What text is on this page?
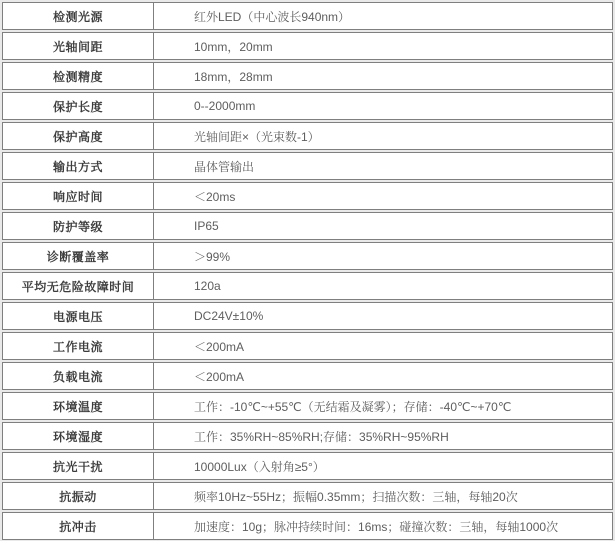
检测光源	红外LED（中心波长940nm）
光轴间距	10mm，20mm
检测精度	18mm，28mm
保护长度	0--2000mm
保护高度	光轴间距×（光束数-1）
输出方式	晶体管输出
响应时间	＜20ms
防护等级	IP65
诊断覆盖率	＞99%
平均无危险故障时间	120a
电源电压	DC24V±10%
工作电流	＜200mA
负载电流	＜200mA
环境温度	工作：-10℃~+55℃（无结霜及凝雾）；存储：-40℃~+70℃
环境湿度	工作：35%RH~85%RH;存储：35%RH~95%RH
抗光干扰	10000Lux（入射角≥5°）
抗振动	频率10Hz~55Hz；振幅0.35mm；扫描次数：三轴，每轴20次
抗冲击	加速度：10g；脉冲持续时间：16ms；碰撞次数：三轴，每轴1000次
